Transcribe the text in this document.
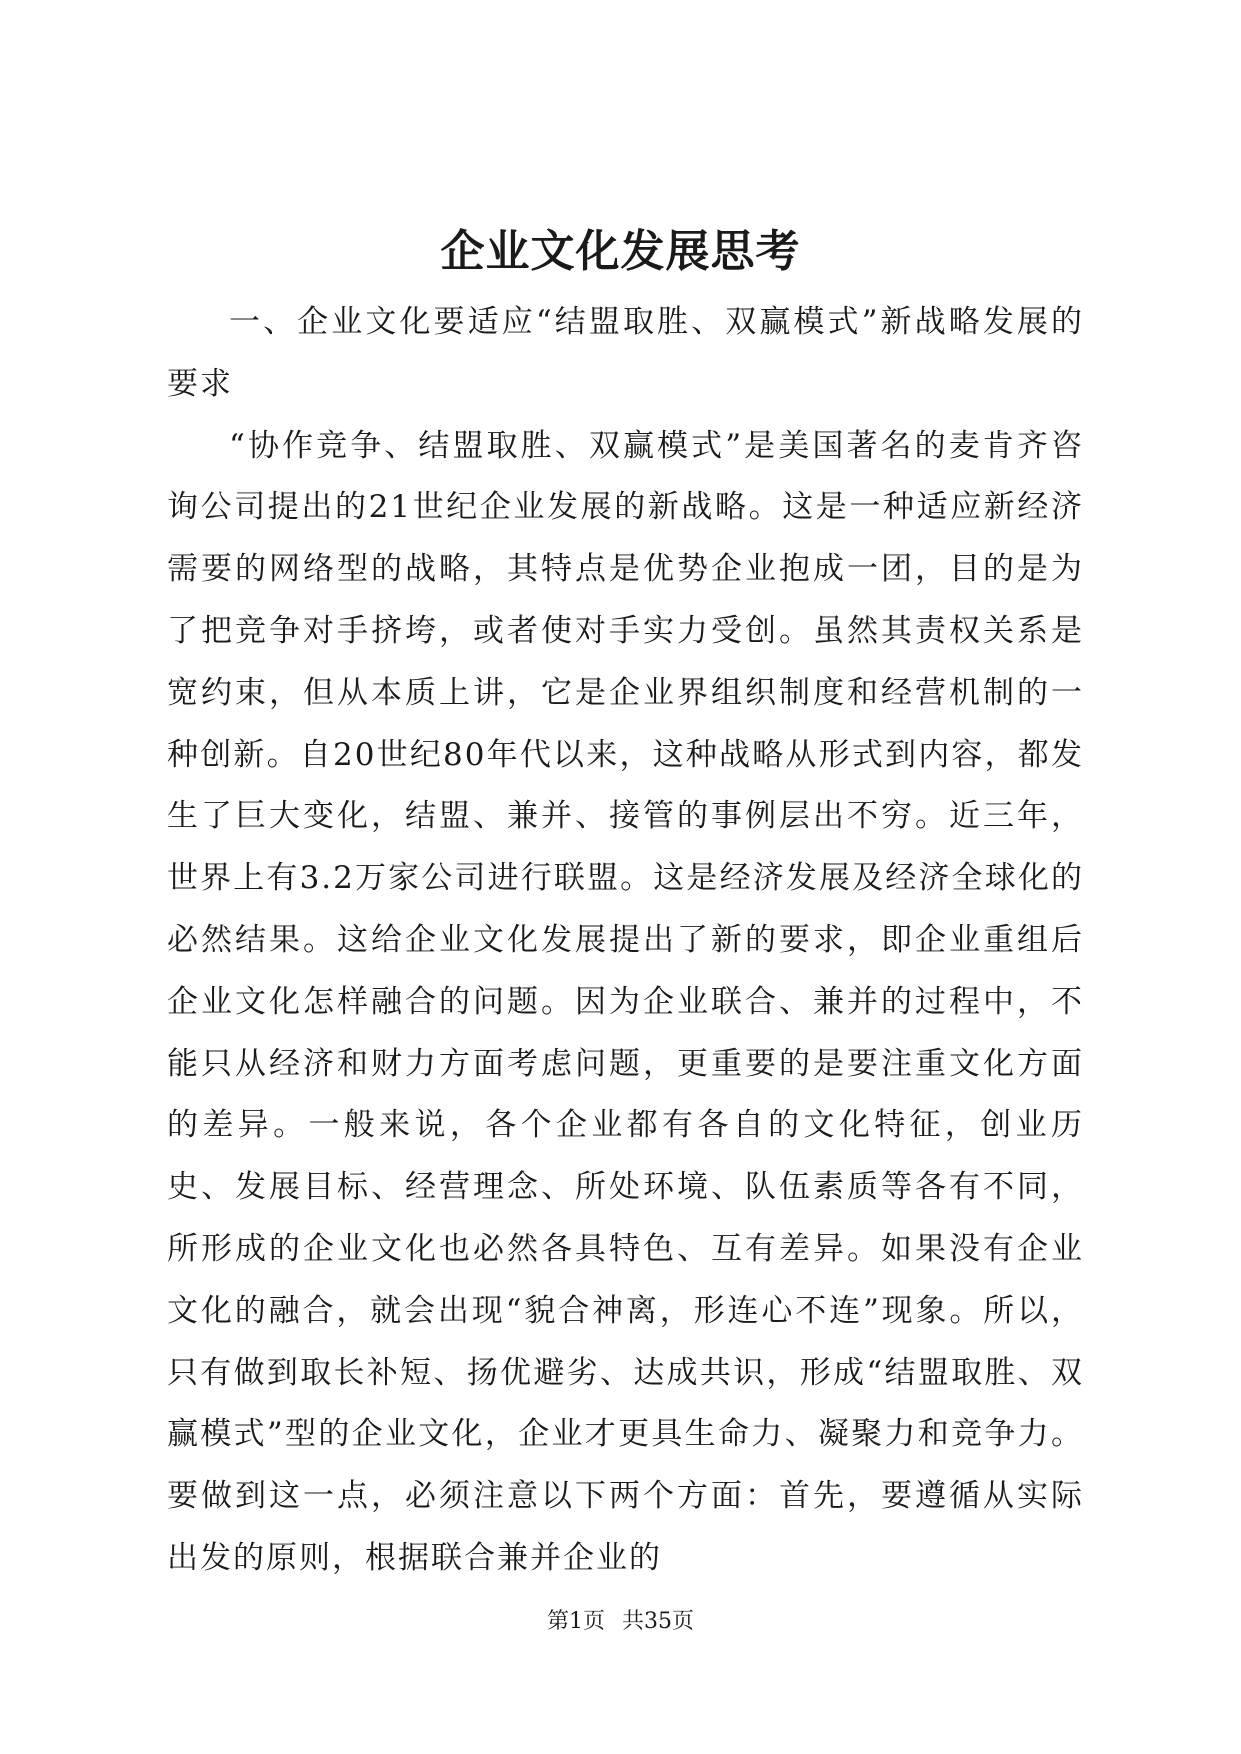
企业文化发展思考

一、企业文化要适应“结盟取胜、双赢模式”新战略发展的要求

“协作竞争、结盟取胜、双赢模式”是美国著名的麦肯齐咨询公司提出的21世纪企业发展的新战略。这是一种适应新经济需要的网络型的战略，其特点是优势企业抱成一团，目的是为了把竞争对手挤垮，或者使对手实力受创。虽然其责权关系是宽约束，但从本质上讲，它是企业界组织制度和经营机制的一种创新。自20世纪80年代以来，这种战略从形式到内容，都发生了巨大变化，结盟、兼并、接管的事例层出不穷。近三年，世界上有3.2万家公司进行联盟。这是经济发展及经济全球化的必然结果。这给企业文化发展提出了新的要求，即企业重组后企业文化怎样融合的问题。因为企业联合、兼并的过程中，不能只从经济和财力方面考虑问题，更重要的是要注重文化方面的差异。一般来说，各个企业都有各自的文化特征，创业历史、发展目标、经营理念、所处环境、队伍素质等各有不同，所形成的企业文化也必然各具特色、互有差异。如果没有企业文化的融合，就会出现“貌合神离，形连心不连”现象。所以，只有做到取长补短、扬优避劣、达成共识，形成“结盟取胜、双赢模式”型的企业文化，企业才更具生命力、凝聚力和竞争力。要做到这一点，必须注意以下两个方面：首先，要遵循从实际出发的原则，根据联合兼并企业的

第1页 共35页
